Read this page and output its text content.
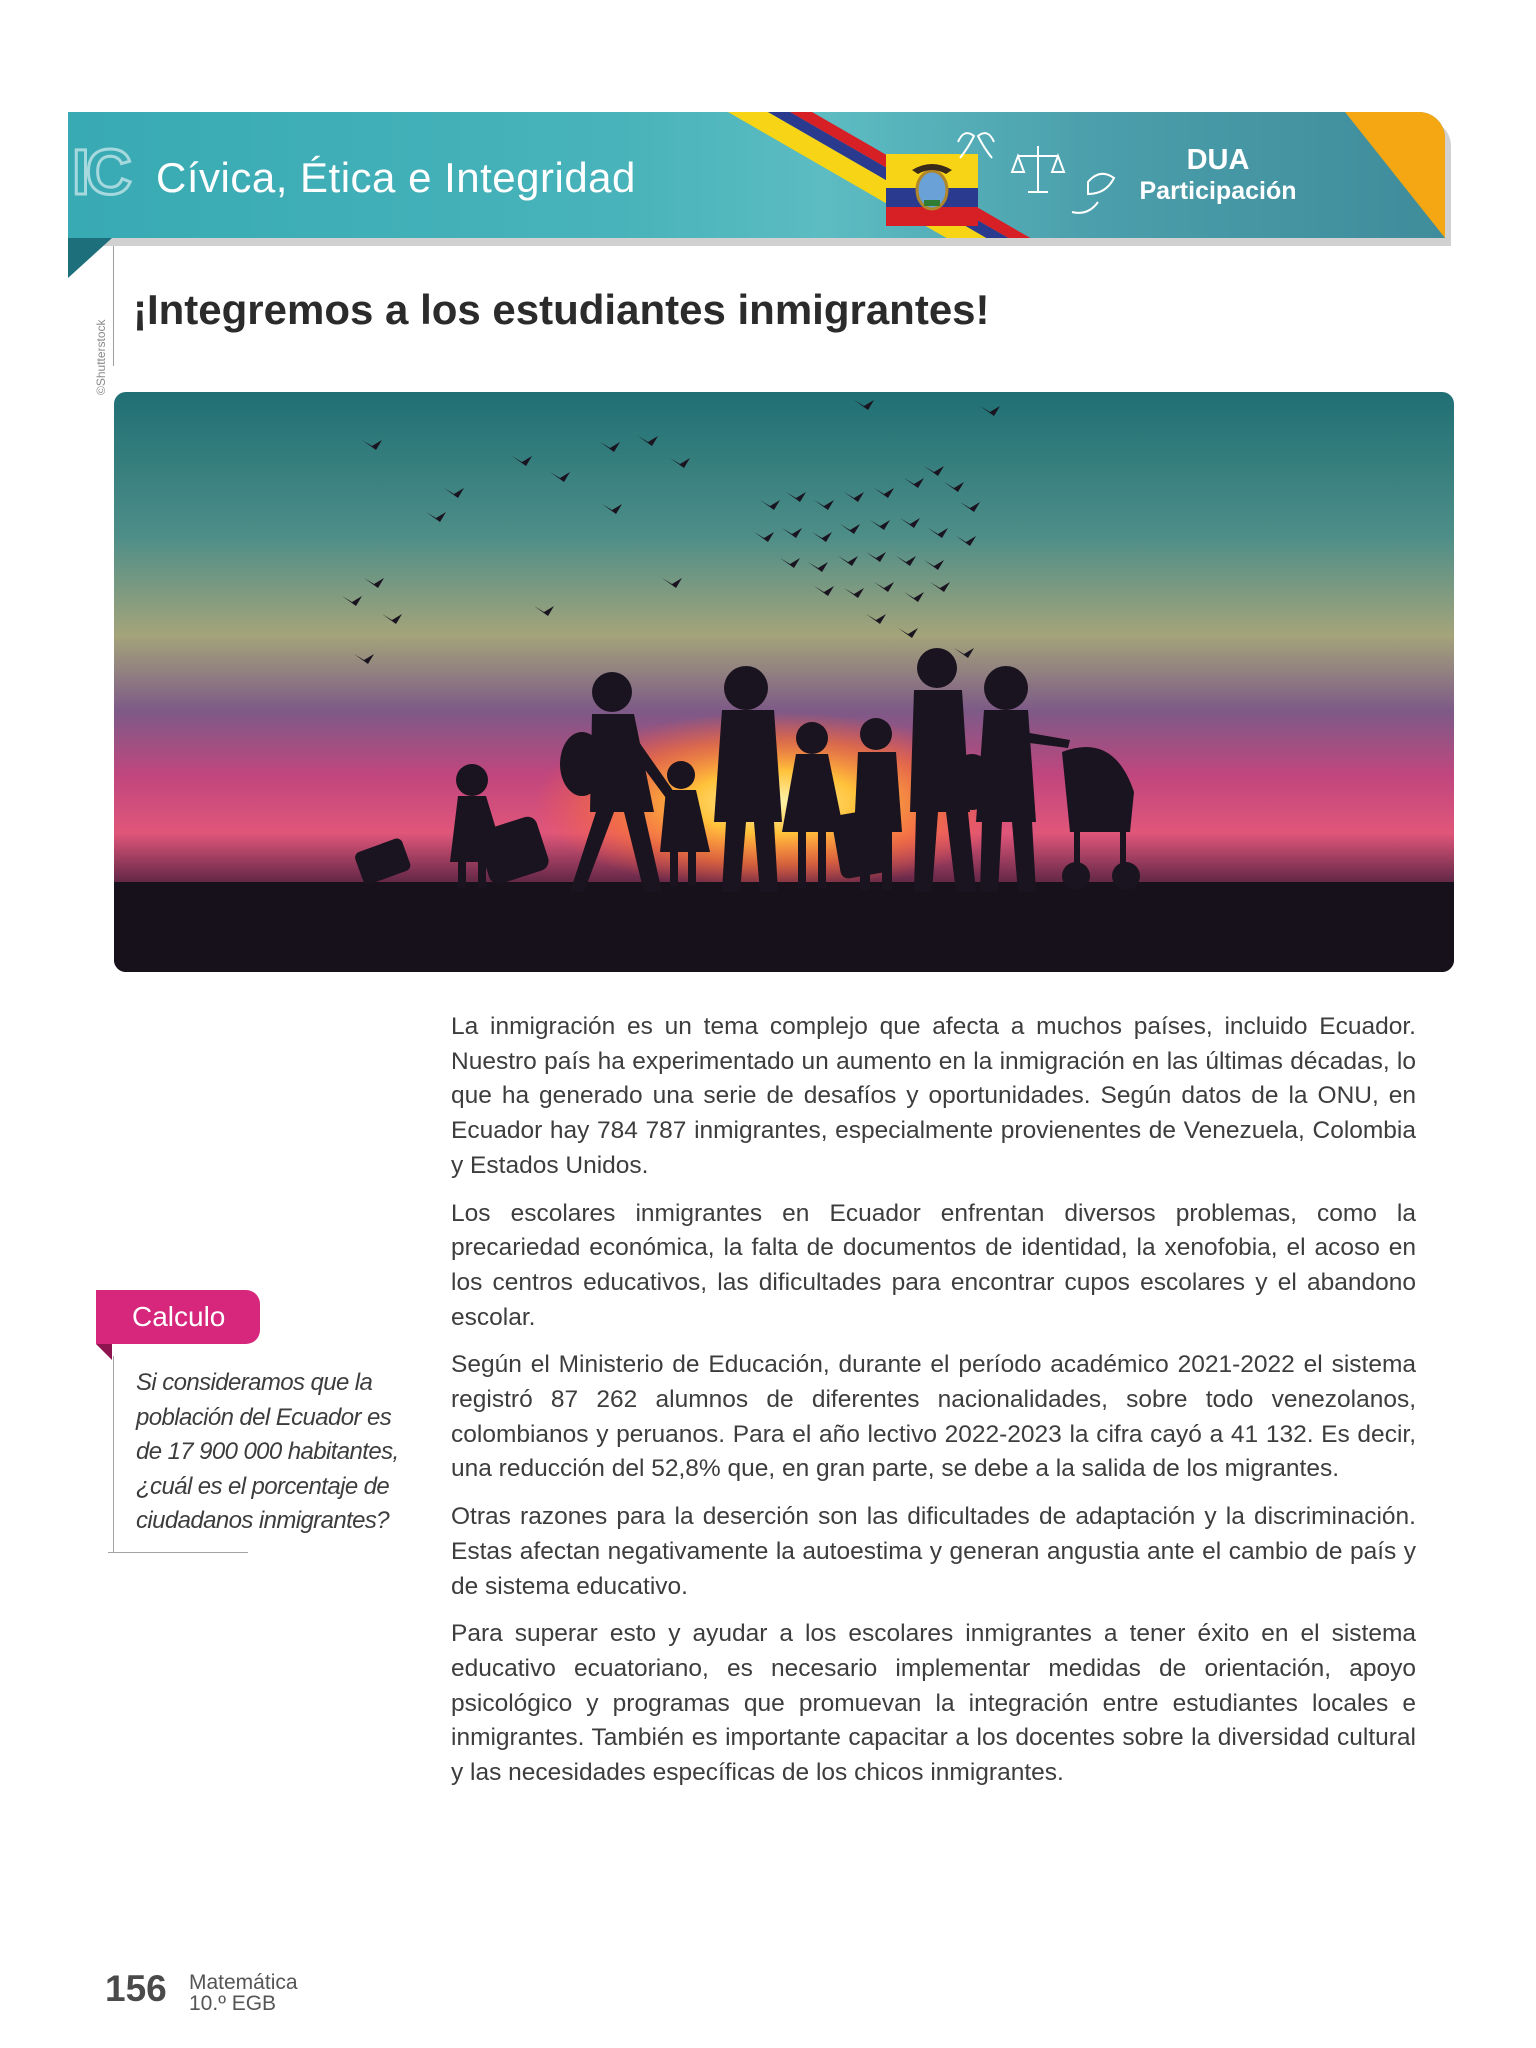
IC Cívica, Ética e Integridad	DUA
Participación
©Shutterstock
¡Integremos a los estudiantes inmigrantes!

La inmigración es un tema complejo que afecta a muchos países, incluido Ecuador. Nuestro país ha experimentado un aumento en la inmigración en las últimas décadas, lo que ha generado una serie de desafíos y oportunidades. Según datos de la ONU, en Ecuador hay 784 787 inmigrantes, especialmente provienentes de Venezuela, Colombia y Estados Unidos.

Los escolares inmigrantes en Ecuador enfrentan diversos problemas, como la precariedad económica, la falta de documentos de identidad, la xenofobia, el acoso en los centros educativos, las dificultades para encontrar cupos escolares y el abandono escolar.

Según el Ministerio de Educación, durante el período académico 2021-2022 el sistema registró 87 262 alumnos de diferentes nacionalidades, sobre todo venezolanos, colombianos y peruanos. Para el año lectivo 2022-2023 la cifra cayó a 41 132. Es decir, una reducción del 52,8% que, en gran parte, se debe a la salida de los migrantes.

Otras razones para la deserción son las dificultades de adaptación y la discriminación. Estas afectan negativamente la autoestima y generan angustia ante el cambio de país y de sistema educativo.

Para superar esto y ayudar a los escolares inmigrantes a tener éxito en el sistema educativo ecuatoriano, es necesario implementar medidas de orientación, apoyo psicológico y programas que promuevan la integración entre estudiantes locales e inmigrantes. También es importante capacitar a los docentes sobre la diversidad cultural y las necesidades específicas de los chicos inmigrantes.

Calculo
Si consideramos que la población del Ecuador es de 17 900 000 habitantes, ¿cuál es el porcentaje de ciudadanos inmigrantes?
156 Matemática
10.º EGB
